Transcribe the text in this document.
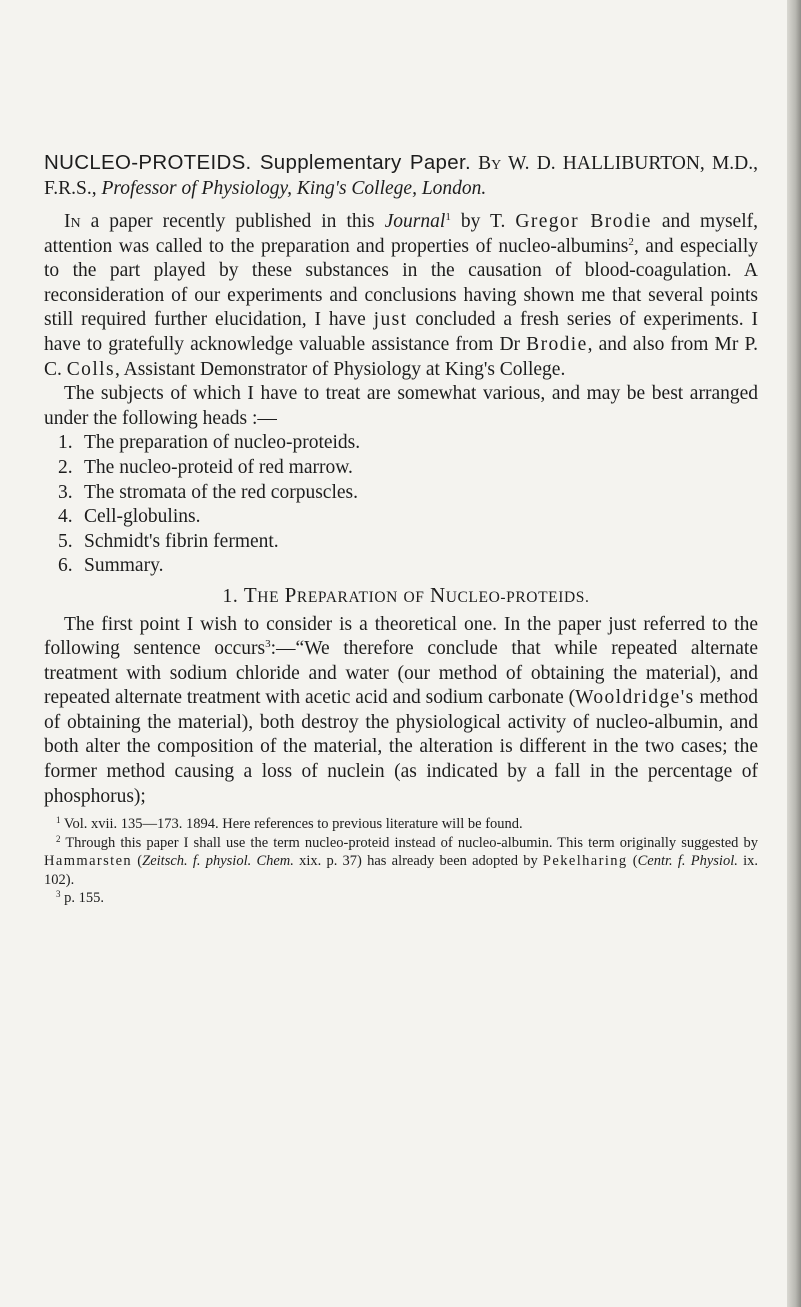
NUCLEO-PROTEIDS. Supplementary Paper. By W. D. HALLIBURTON, M.D., F.R.S., Professor of Physiology, King's College, London.

In a paper recently published in this Journal$^1$ by T. Gregor Brodie and myself, attention was called to the preparation and properties of nucleo-albumins$^2$, and especially to the part played by these substances in the causation of blood-coagulation. A reconsideration of our experiments and conclusions having shown me that several points still required further elucidation, I have just concluded a fresh series of experiments. I have to gratefully acknowledge valuable assistance from Dr Brodie, and also from Mr P. C. Colls, Assistant Demonstrator of Physiology at King's College.

The subjects of which I have to treat are somewhat various, and may be best arranged under the following heads :—

1. The preparation of nucleo-proteids.
2. The nucleo-proteid of red marrow.
3. The stromata of the red corpuscles.
4. Cell-globulins.
5. Schmidt's fibrin ferment.
6. Summary.
1. THE PREPARATION OF NUCLEO-PROTEIDS.

The first point I wish to consider is a theoretical one. In the paper just referred to the following sentence occurs$^3$:—“We therefore conclude that while repeated alternate treatment with sodium chloride and water (our method of obtaining the material), and repeated alternate treatment with acetic acid and sodium carbonate (Wooldridge's method of obtaining the material), both destroy the physiological activity of nucleo-albumin, and both alter the composition of the material, the alteration is different in the two cases; the former method causing a loss of nuclein (as indicated by a fall in the percentage of phosphorus);

$^1$ Vol. xvii. 135—173. 1894. Here references to previous literature will be found.

$^2$ Through this paper I shall use the term nucleo-proteid instead of nucleo-albumin. This term originally suggested by Hammarsten (Zeitsch. f. physiol. Chem. xix. p. 37) has already been adopted by Pekelharing (Centr. f. Physiol. ix. 102).

$^3$ p. 155.
